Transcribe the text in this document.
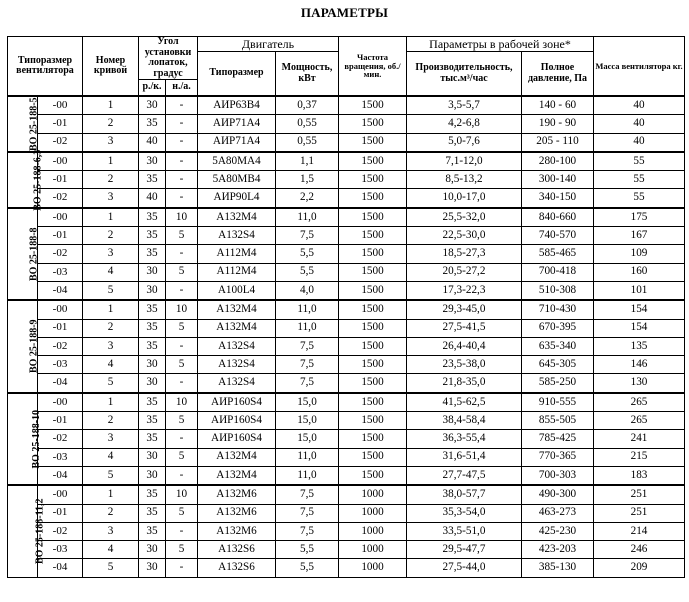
ПАРАМЕТРЫ
Типоразмер вентилятора		Номер кривой	Угол установки лопаток, градус		Двигатель		Частота вращения, об./мин.	Параметры в рабочей зоне*		Масса вентилятора кг.
					Типоразмер	Мощность, кВт		Производительность, тыс.м³/час	Полное давление, Па	
			р./к.	н./а.						
ВО 25-188-5	-00	1	30	-	АИР63В4	0,37	1500	3,5-5,7	140 - 60	40
	-01	2	35	-	АИР71А4	0,55	1500	4,2-6,8	190 - 90	40
	-02	3	40	-	АИР71А4	0,55	1500	5,0-7,6	205 - 110	40
ВО 25-188-6,3	-00	1	30	-	5А80МА4	1,1	1500	7,1-12,0	280-100	55
	-01	2	35	-	5А80МВ4	1,5	1500	8,5-13,2	300-140	55
	-02	3	40	-	АИР90L4	2,2	1500	10,0-17,0	340-150	55
ВО 25-188-8	-00	1	35	10	А132М4	11,0	1500	25,5-32,0	840-660	175
	-01	2	35	5	А132S4	7,5	1500	22,5-30,0	740-570	167
	-02	3	35	-	А112М4	5,5	1500	18,5-27,3	585-465	109
	-03	4	30	5	А112М4	5,5	1500	20,5-27,2	700-418	160
	-04	5	30	-	А100L4	4,0	1500	17,3-22,3	510-308	101
ВО 25-188-9	-00	1	35	10	А132М4	11,0	1500	29,3-45,0	710-430	154
	-01	2	35	5	А132М4	11,0	1500	27,5-41,5	670-395	154
	-02	3	35	-	А132S4	7,5	1500	26,4-40,4	635-340	135
	-03	4	30	5	А132S4	7,5	1500	23,5-38,0	645-305	146
	-04	5	30	-	А132S4	7,5	1500	21,8-35,0	585-250	130
ВО 25-188-10	-00	1	35	10	АИР160S4	15,0	1500	41,5-62,5	910-555	265
	-01	2	35	5	АИР160S4	15,0	1500	38,4-58,4	855-505	265
	-02	3	35	-	АИР160S4	15,0	1500	36,3-55,4	785-425	241
	-03	4	30	5	А132М4	11,0	1500	31,6-51,4	770-365	215
	-04	5	30	-	А132М4	11,0	1500	27,7-47,5	700-303	183
ВО 25-188-11,2	-00	1	35	10	А132М6	7,5	1000	38,0-57,7	490-300	251
	-01	2	35	5	А132М6	7,5	1000	35,3-54,0	463-273	251
	-02	3	35	-	А132М6	7,5	1000	33,5-51,0	425-230	214
	-03	4	30	5	А132S6	5,5	1000	29,5-47,7	423-203	246
	-04	5	30	-	А132S6	5,5	1000	27,5-44,0	385-130	209
